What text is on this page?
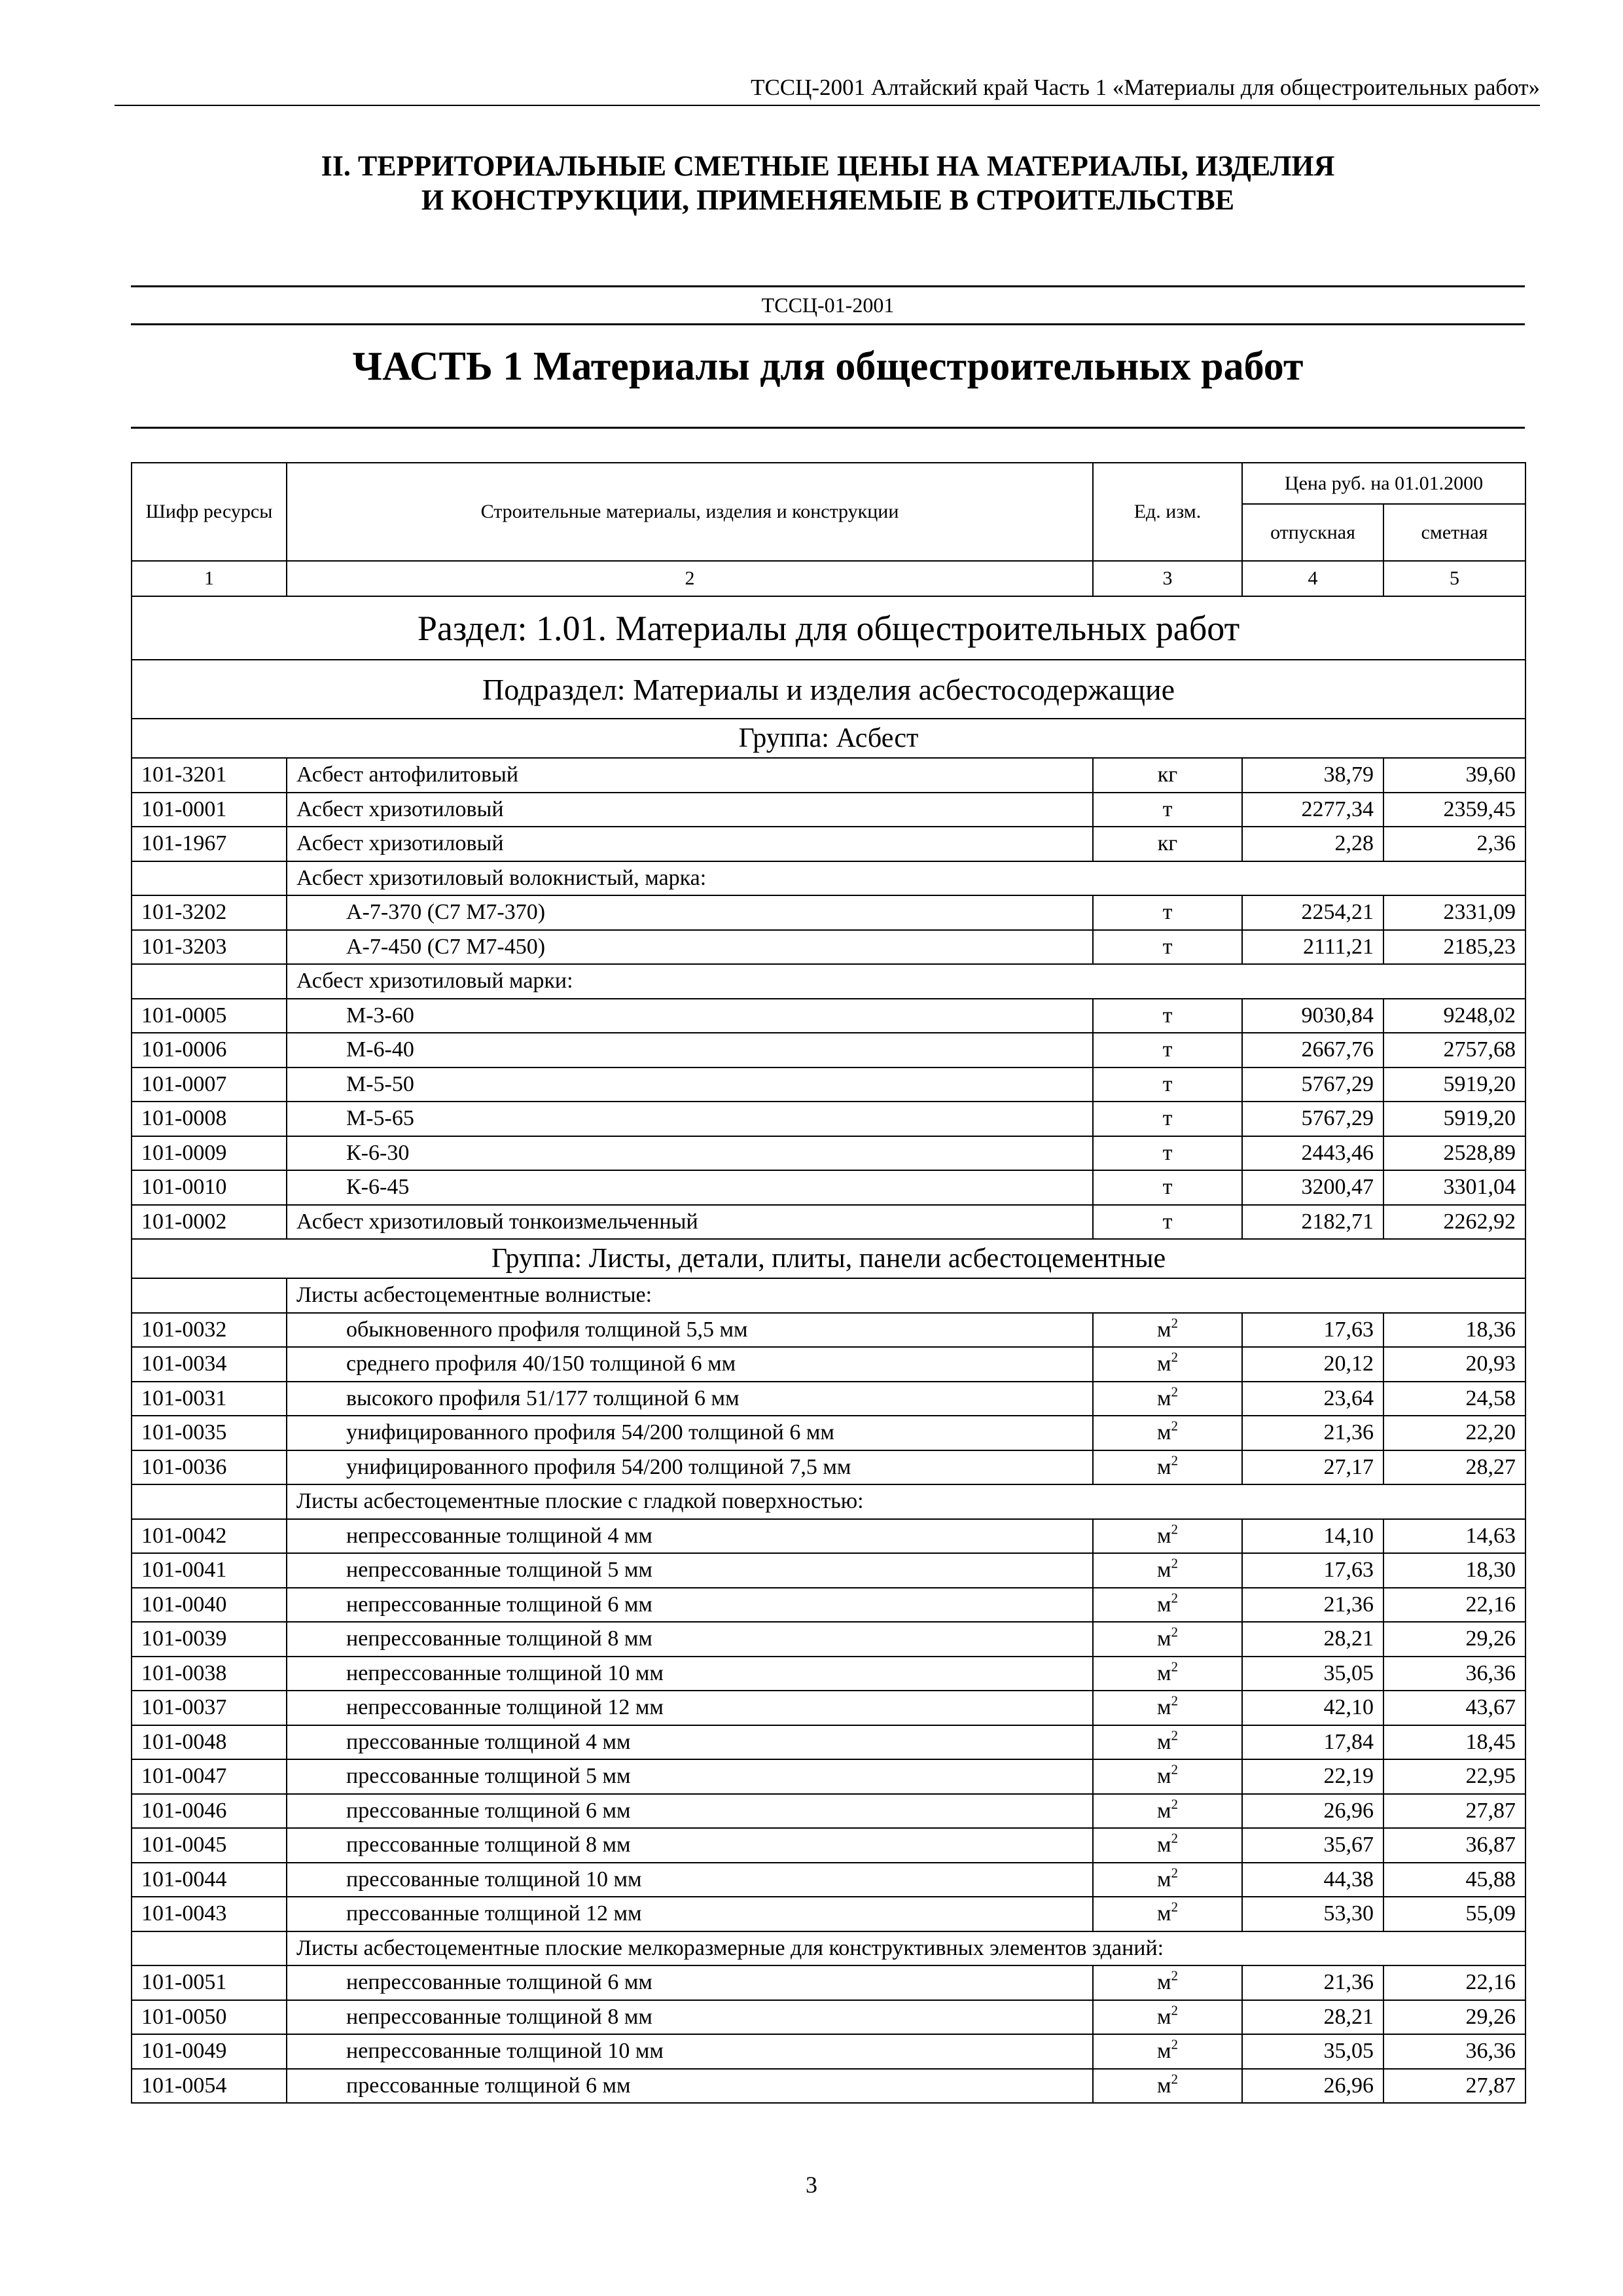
ТССЦ-2001 Алтайский край Часть 1 «Материалы для общестроительных работ»
II. ТЕРРИТОРИАЛЬНЫЕ СМЕТНЫЕ ЦЕНЫ НА МАТЕРИАЛЫ, ИЗДЕЛИЯ
И КОНСТРУКЦИИ, ПРИМЕНЯЕМЫЕ В СТРОИТЕЛЬСТВЕ
ТССЦ-01-2001
ЧАСТЬ 1 Материалы для общестроительных работ
Шифр ресурсы	Строительные материалы, изделия и конструкции	Ед. изм.	Цена руб. на 01.01.2000	
			отпускная	сметная
1	2	3	4	5
Раздел: 1.01. Материалы для общестроительных работ				
Подраздел: Материалы и изделия асбестосодержащие				
Группа: Асбест				
101-3201	Асбест антофилитовый	кг	38,79	39,60
101-0001	Асбест хризотиловый	т	2277,34	2359,45
101-1967	Асбест хризотиловый	кг	2,28	2,36
	Асбест хризотиловый волокнистый, марка:			
101-3202	А-7-370 (С7 М7-370)	т	2254,21	2331,09
101-3203	А-7-450 (С7 М7-450)	т	2111,21	2185,23
	Асбест хризотиловый марки:			
101-0005	М-3-60	т	9030,84	9248,02
101-0006	М-6-40	т	2667,76	2757,68
101-0007	М-5-50	т	5767,29	5919,20
101-0008	М-5-65	т	5767,29	5919,20
101-0009	К-6-30	т	2443,46	2528,89
101-0010	К-6-45	т	3200,47	3301,04
101-0002	Асбест хризотиловый тонкоизмельченный	т	2182,71	2262,92
Группа: Листы, детали, плиты, панели асбестоцементные				
	Листы асбестоцементные волнистые:			
101-0032	обыкновенного профиля толщиной 5,5 мм	$м^2$	17,63	18,36
101-0034	среднего профиля 40/150 толщиной 6 мм	$м^2$	20,12	20,93
101-0031	высокого профиля 51/177 толщиной 6 мм	$м^2$	23,64	24,58
101-0035	унифицированного профиля 54/200 толщиной 6 мм	$м^2$	21,36	22,20
101-0036	унифицированного профиля 54/200 толщиной 7,5 мм	$м^2$	27,17	28,27
	Листы асбестоцементные плоские с гладкой поверхностью:			
101-0042	непрессованные толщиной 4 мм	$м^2$	14,10	14,63
101-0041	непрессованные толщиной 5 мм	$м^2$	17,63	18,30
101-0040	непрессованные толщиной 6 мм	$м^2$	21,36	22,16
101-0039	непрессованные толщиной 8 мм	$м^2$	28,21	29,26
101-0038	непрессованные толщиной 10 мм	$м^2$	35,05	36,36
101-0037	непрессованные толщиной 12 мм	$м^2$	42,10	43,67
101-0048	прессованные толщиной 4 мм	$м^2$	17,84	18,45
101-0047	прессованные толщиной 5 мм	$м^2$	22,19	22,95
101-0046	прессованные толщиной 6 мм	$м^2$	26,96	27,87
101-0045	прессованные толщиной 8 мм	$м^2$	35,67	36,87
101-0044	прессованные толщиной 10 мм	$м^2$	44,38	45,88
101-0043	прессованные толщиной 12 мм	$м^2$	53,30	55,09
	Листы асбестоцементные плоские мелкоразмерные для конструктивных элементов зданий:			
101-0051	непрессованные толщиной 6 мм	$м^2$	21,36	22,16
101-0050	непрессованные толщиной 8 мм	$м^2$	28,21	29,26
101-0049	непрессованные толщиной 10 мм	$м^2$	35,05	36,36
101-0054	прессованные толщиной 6 мм	$м^2$	26,96	27,87
3
